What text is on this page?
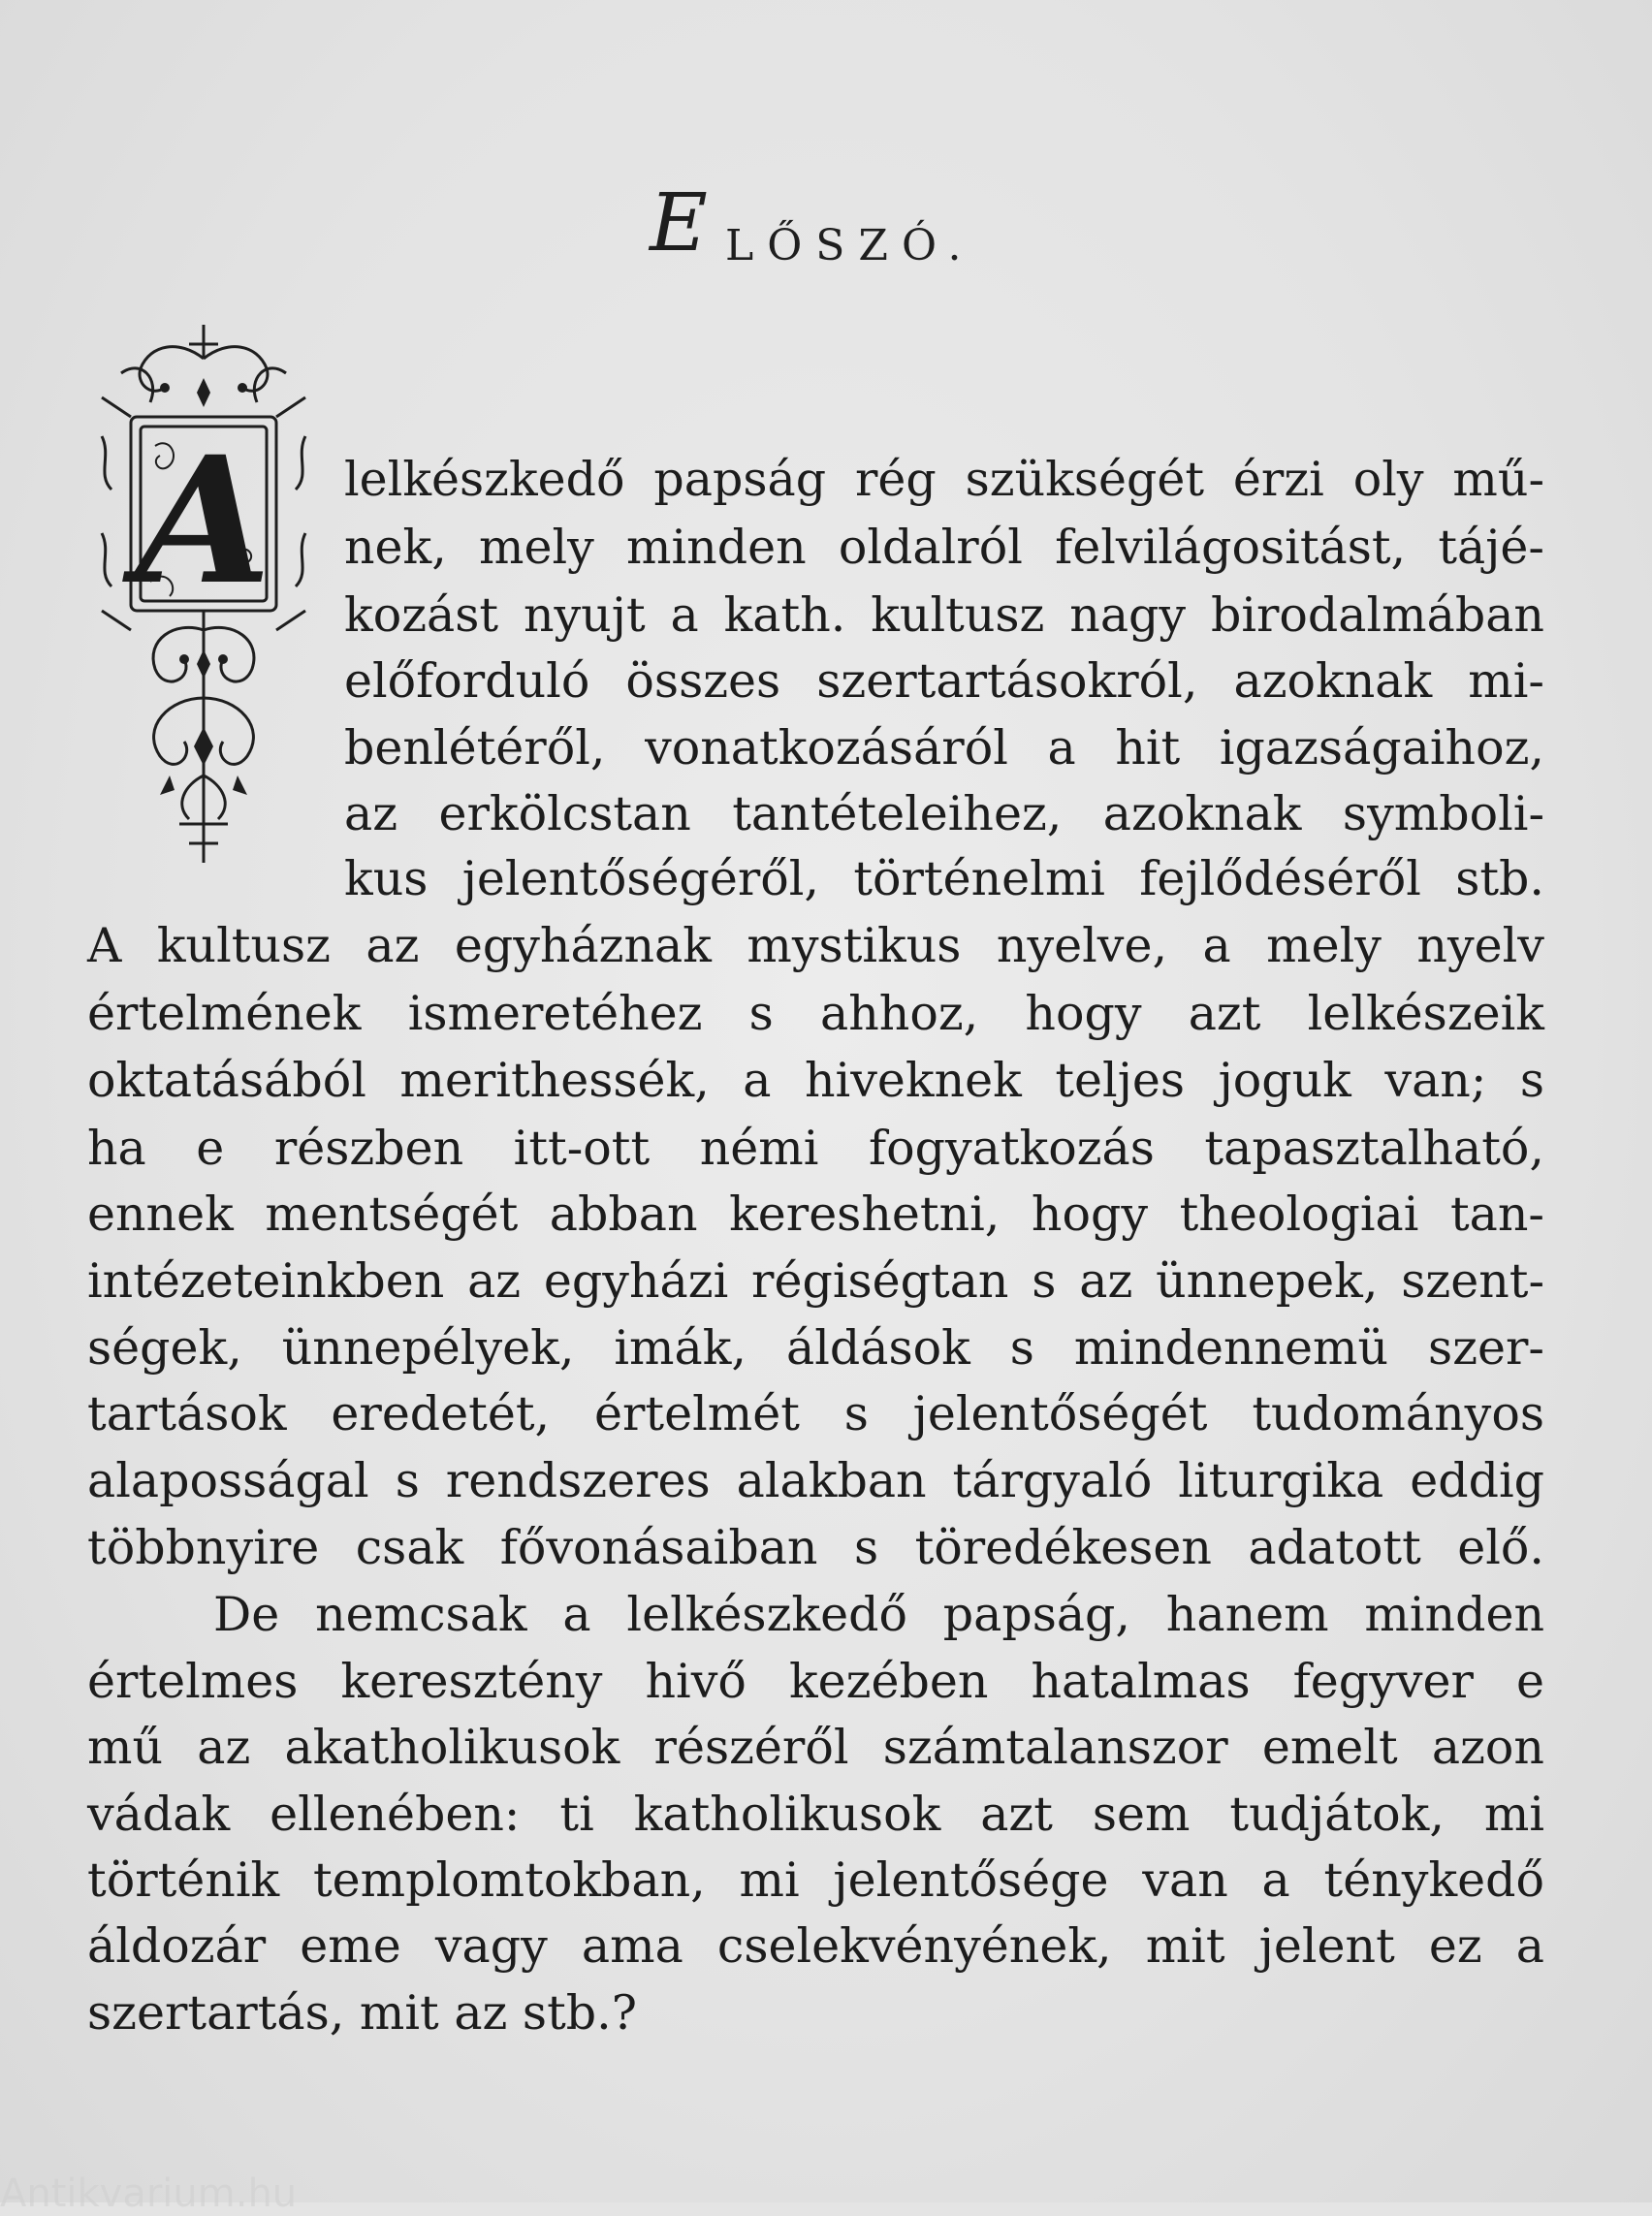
E LŐSZÓ.
A lelkészkedő papság rég szükségét érzi oly mű-
nek, mely minden oldalról felvilágositást, tájé-
kozást nyujt a kath. kultusz nagy birodalmában
előforduló összes szertartásokról, azoknak mi-
benlétéről, vonatkozásáról a hit igazságaihoz,
az erkölcstan tantételeihez, azoknak symboli-
kus jelentőségéről, történelmi fejlődéséről stb.
A kultusz az egyháznak mystikus nyelve, a mely nyelv
értelmének ismeretéhez s ahhoz, hogy azt lelkészeik
oktatásából merithessék, a hiveknek teljes joguk van; s
ha e részben itt-ott némi fogyatkozás tapasztalható,
ennek mentségét abban kereshetni, hogy theologiai tan-
intézeteinkben az egyházi régiségtan s az ünnepek, szent-
ségek, ünnepélyek, imák, áldások s mindennemü szer-
tartások eredetét, értelmét s jelentőségét tudományos
alaposságal s rendszeres alakban tárgyaló liturgika eddig
többnyire csak fővonásaiban s töredékesen adatott elő.
De nemcsak a lelkészkedő papság, hanem minden
értelmes keresztény hivő kezében hatalmas fegyver e
mű az akatholikusok részéről számtalanszor emelt azon
vádak ellenében: ti katholikusok azt sem tudjátok, mi
történik templomtokban, mi jelentősége van a ténykedő
áldozár eme vagy ama cselekvényének, mit jelent ez a
szertartás, mit az stb.?
Antikvarium.hu
